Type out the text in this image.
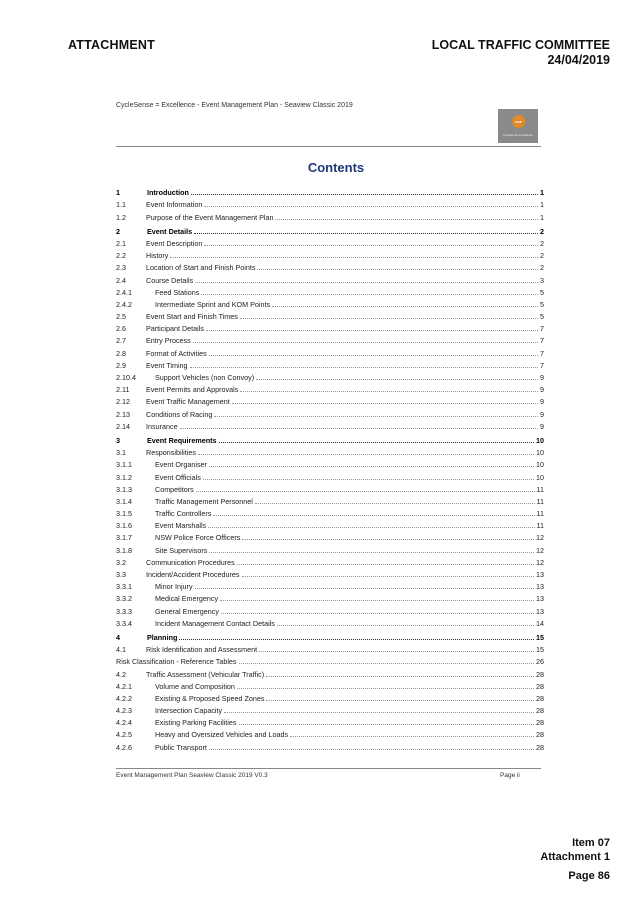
ATTACHMENT	LOCAL TRAFFIC COMMITTEE
24/04/2019
CycleSense = Excellence - Event Management Plan - Seaview Classic 2019
cse
cyclesense excellence
Contents
1	Introduction	1
1.1	Event Information	1
1.2	Purpose of the Event Management Plan	1
2	Event Details	2
2.1	Event Description	2
2.2	History	2
2.3	Location of Start and Finish Points	2
2.4	Course Details	3
2.4.1	Feed Stations	5
2.4.2	Intermediate Sprint and KOM Points	5
2.5	Event Start and Finish Times	5
2.6	Participant Details	7
2.7	Entry Process	7
2.8	Format of Activities	7
2.9	Event Timing	7
2.10.4	Support Vehicles (non Convoy)	9
2.11	Event Permits and Approvals	9
2.12	Event Traffic Management	9
2.13	Conditions of Racing	9
2.14	Insurance	9
3	Event Requirements	10
3.1	Responsibilities	10
3.1.1	Event Organiser	10
3.1.2	Event Officials	10
3.1.3	Competitors	11
3.1.4	Traffic Management Personnel	11
3.1.5	Traffic Controllers	11
3.1.6	Event Marshalls	11
3.1.7	NSW Police Force Officers	12
3.1.8	Site Supervisors	12
3.2	Communication Procedures	12
3.3	Incident/Accident Procedures	13
3.3.1	Minor Injury	13
3.3.2	Medical Emergency	13
3.3.3	General Emergency	13
3.3.4	Incident Management Contact Details	14
4	Planning	15
4.1	Risk Identification and Assessment	15
Risk Classification - Reference Tables	26
4.2	Traffic Assessment (Vehicular Traffic)	28
4.2.1	Volume and Composition	28
4.2.2	Existing & Proposed Speed Zones	28
4.2.3	Intersection Capacity	28
4.2.4	Existing Parking Facilities	28
4.2.5	Heavy and Oversized Vehicles and Loads	28
4.2.6	Public Transport	28
Event Management Plan Seaview Classic 2019 V0.3	Page ii
Item 07
Attachment 1
Page 86
